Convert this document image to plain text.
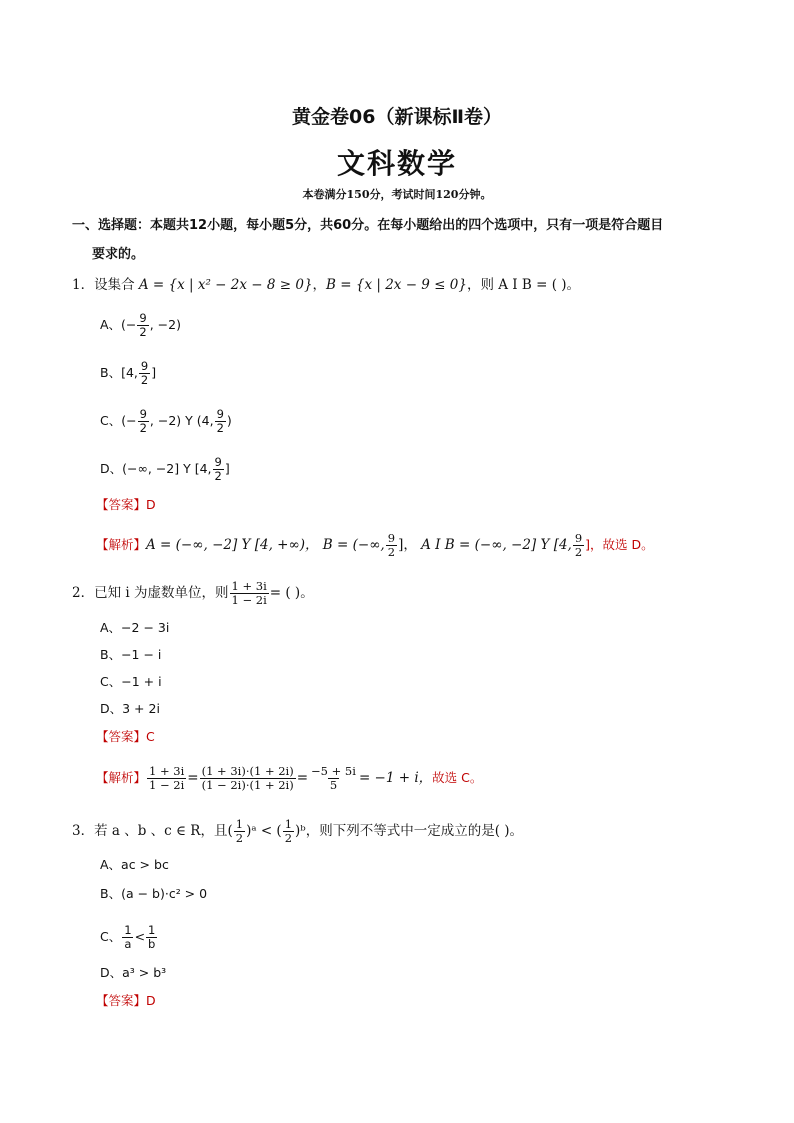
黄金卷06（新课标Ⅱ卷）
文科数学
本卷满分150分，考试时间120分钟。
一、选择题：本题共12小题，每小题5分，共60分。在每小题给出的四个选项中，只有一项是符合题目
要求的。
1．设集合 A = {x | x² − 2x − 8 ≥ 0}，B = {x | 2x − 9 ≤ 0}，则 A I B = ( )。
A、(− $\frac{9}{2}$ , −2)
B、[4, $\frac{9}{2}$ ]
C、(− $\frac{9}{2}$ , −2) Y (4, $\frac{9}{2}$ )
D、(−∞, −2] Y [4, $\frac{9}{2}$ ]
【答案】D
【解析】A = (−∞, −2] Y [4, +∞)， B = (−∞, $\frac{9}{2}$ ]， A I B = (−∞, −2] Y [4, $\frac{9}{2}$ ]，故选 D。
2．已知 i 为虚数单位，则 $\frac{1 + 3i}{1 - 2i}$ = ( )。
A、−2 − 3i
B、−1 − i
C、−1 + i
D、3 + 2i
【答案】C
【解析】 $\frac{1 + 3i}{1 - 2i} = \frac{(1 + 3i)\cdot(1 + 2i)}{(1 - 2i)\cdot(1 + 2i)} = \frac{-5 + 5i}{5} = -1 + i$，故选 C。
3．若 a 、b 、c ∈ R，且( $\frac{1}{2}$ )ᵃ < ( $\frac{1}{2}$ )ᵇ，则下列不等式中一定成立的是( )。
A、ac > bc
B、(a − b)·c² > 0
C、 $\frac{1}{a} < \frac{1}{b}$
D、a³ > b³
【答案】D
